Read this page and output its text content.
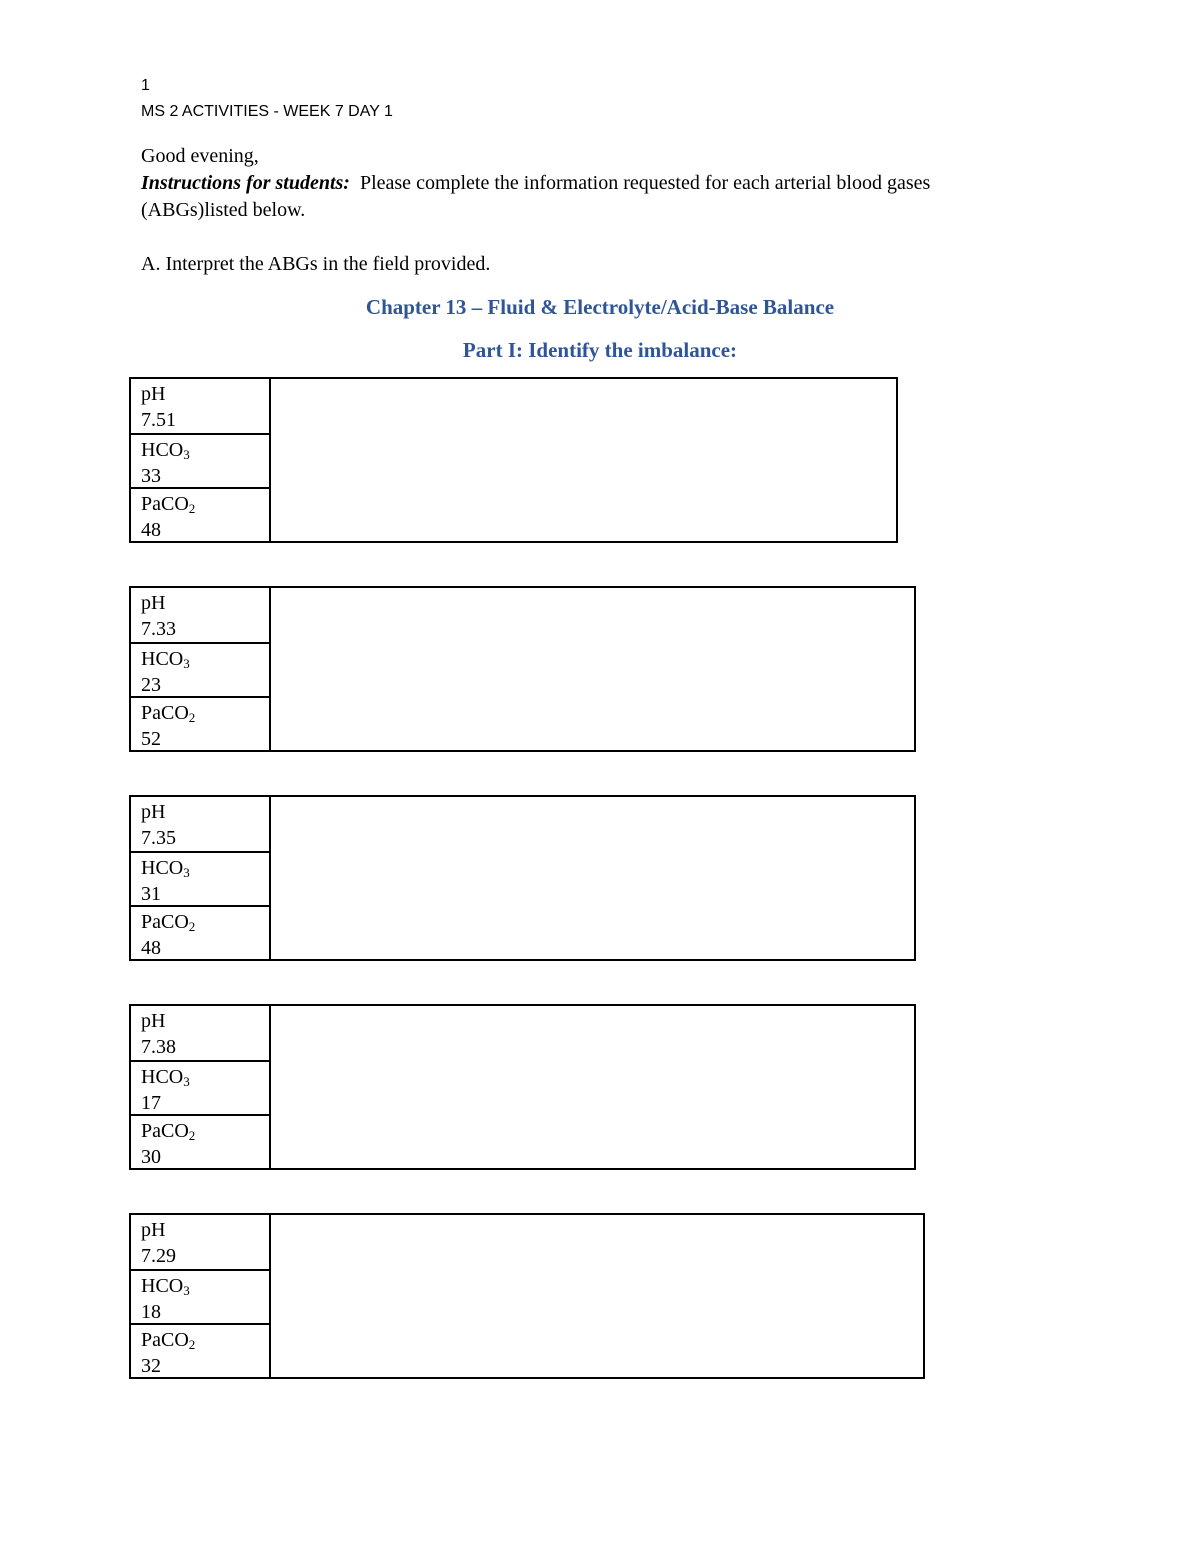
1
MS 2 ACTIVITIES - WEEK 7 DAY 1
Good evening,
Instructions for students: Please complete the information requested for each arterial blood gases (ABGs)listed below.
A. Interpret the ABGs in the field provided.
Chapter 13 – Fluid & Electrolyte/Acid-Base Balance
Part I: Identify the imbalance:
pH
7.51
$HCO_3$
33
PaCO$_2$
48
pH
7.33
$HCO_3$
23
PaCO$_2$
52
pH
7.35
$HCO_3$
31
PaCO$_2$
48
pH
7.38
$HCO_3$
17
PaCO$_2$
30
pH
7.29
$HCO_3$
18
PaCO$_2$
32
